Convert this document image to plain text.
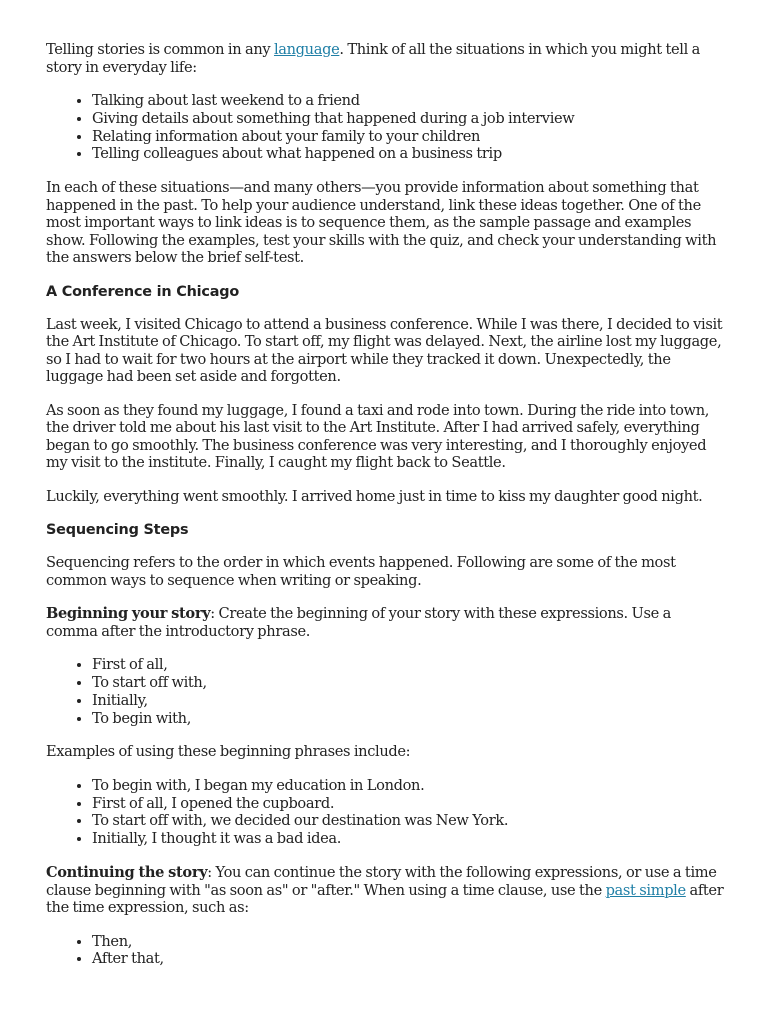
Telling stories is common in any language. Think of all the situations in which you might tell a story in everyday life:

• Talking about last weekend to a friend
• Giving details about something that happened during a job interview
• Relating information about your family to your children
• Telling colleagues about what happened on a business trip

In each of these situations—and many others—you provide information about something that happened in the past. To help your audience understand, link these ideas together. One of the most important ways to link ideas is to sequence them, as the sample passage and examples show. Following the examples, test your skills with the quiz, and check your understanding with the answers below the brief self-test.

A Conference in Chicago

Last week, I visited Chicago to attend a business conference. While I was there, I decided to visit the Art Institute of Chicago. To start off, my flight was delayed. Next, the airline lost my luggage, so I had to wait for two hours at the airport while they tracked it down. Unexpectedly, the luggage had been set aside and forgotten.

As soon as they found my luggage, I found a taxi and rode into town. During the ride into town, the driver told me about his last visit to the Art Institute. After I had arrived safely, everything began to go smoothly. The business conference was very interesting, and I thoroughly enjoyed my visit to the institute. Finally, I caught my flight back to Seattle.

Luckily, everything went smoothly. I arrived home just in time to kiss my daughter good night.

Sequencing Steps

Sequencing refers to the order in which events happened. Following are some of the most common ways to sequence when writing or speaking.

Beginning your story: Create the beginning of your story with these expressions. Use a comma after the introductory phrase.

• First of all,
• To start off with,
• Initially,
• To begin with,

Examples of using these beginning phrases include:

• To begin with, I began my education in London.
• First of all, I opened the cupboard.
• To start off with, we decided our destination was New York.
• Initially, I thought it was a bad idea.

Continuing the story: You can continue the story with the following expressions, or use a time clause beginning with "as soon as" or "after." When using a time clause, use the past simple after the time expression, such as:

• Then,
• After that,
